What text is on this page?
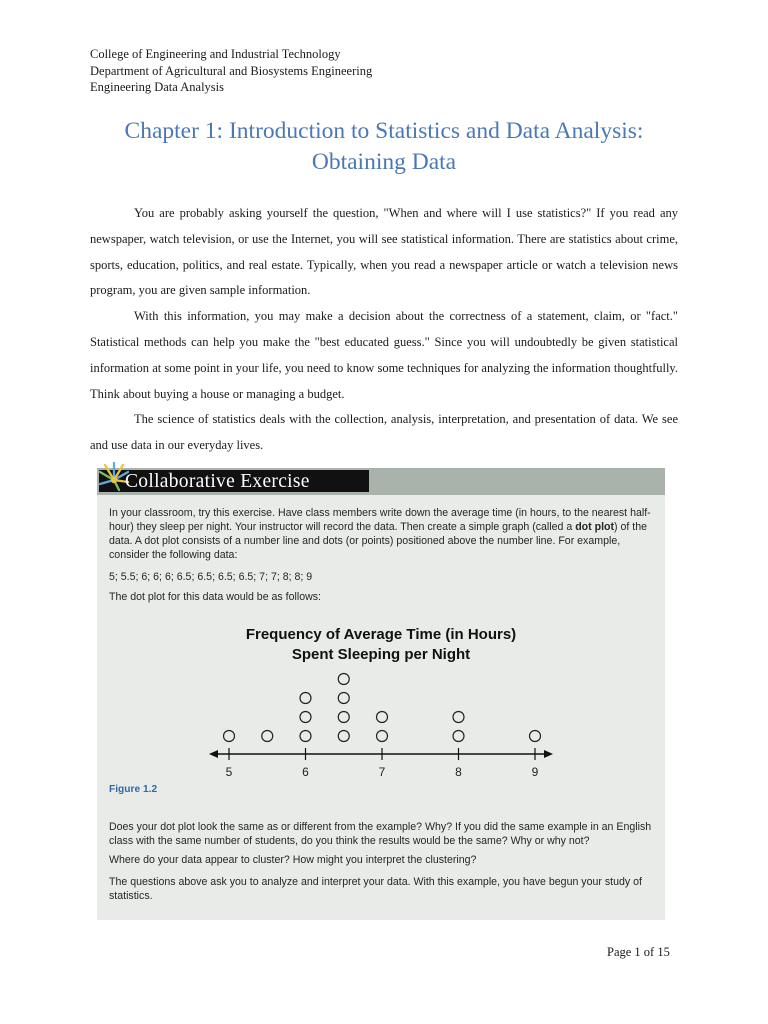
College of Engineering and Industrial Technology
Department of Agricultural and Biosystems Engineering
Engineering Data Analysis
Chapter 1: Introduction to Statistics and Data Analysis:
Obtaining Data

You are probably asking yourself the question, "When and where will I use statistics?" If you read any newspaper, watch television, or use the Internet, you will see statistical information. There are statistics about crime, sports, education, politics, and real estate. Typically, when you read a newspaper article or watch a television news program, you are given sample information.

With this information, you may make a decision about the correctness of a statement, claim, or "fact." Statistical methods can help you make the "best educated guess." Since you will undoubtedly be given statistical information at some point in your life, you need to know some techniques for analyzing the information thoughtfully. Think about buying a house or managing a budget.

The science of statistics deals with the collection, analysis, interpretation, and presentation of data. We see and use data in our everyday lives.

Collaborative Exercise
In your classroom, try this exercise. Have class members write down the average time (in hours, to the nearest half-hour) they sleep per night. Your instructor will record the data. Then create a simple graph (called a dot plot) of the data. A dot plot consists of a number line and dots (or points) positioned above the number line. For example, consider the following data:
5; 5.5; 6; 6; 6; 6.5; 6.5; 6.5; 6.5; 7; 7; 8; 8; 9
The dot plot for this data would be as follows:
Frequency of Average Time (in Hours)
Spent Sleeping per Night
5	6	7	8	9
Figure 1.2
Does your dot plot look the same as or different from the example? Why? If you did the same example in an English class with the same number of students, do you think the results would be the same? Why or why not?
Where do your data appear to cluster? How might you interpret the clustering?
The questions above ask you to analyze and interpret your data. With this example, you have begun your study of statistics.
Page 1 of 15
